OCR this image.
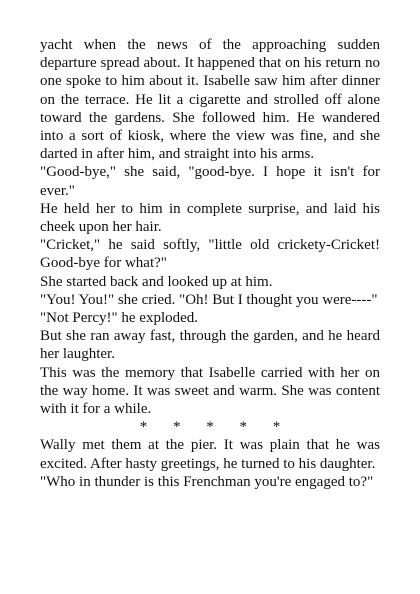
yacht when the news of the approaching sudden departure spread about. It happened that on his return no one spoke to him about it. Isabelle saw him after dinner on the terrace. He lit a cigarette and strolled off alone toward the gardens. She followed him. He wandered into a sort of kiosk, where the view was fine, and she darted in after him, and straight into his arms.

"Good-bye," she said, "good-bye. I hope it isn't for ever."

He held her to him in complete surprise, and laid his cheek upon her hair.

"Cricket," he said softly, "little old crickety-Cricket! Good-bye for what?"

She started back and looked up at him.

"You! You!" she cried. "Oh! But I thought you were----"

"Not Percy!" he exploded.

But she ran away fast, through the garden, and he heard her laughter.

This was the memory that Isabelle carried with her on the way home. It was sweet and warm. She was content with it for a while.

* * * * *

Wally met them at the pier. It was plain that he was excited. After hasty greetings, he turned to his daughter.

"Who in thunder is this Frenchman you're engaged to?"
